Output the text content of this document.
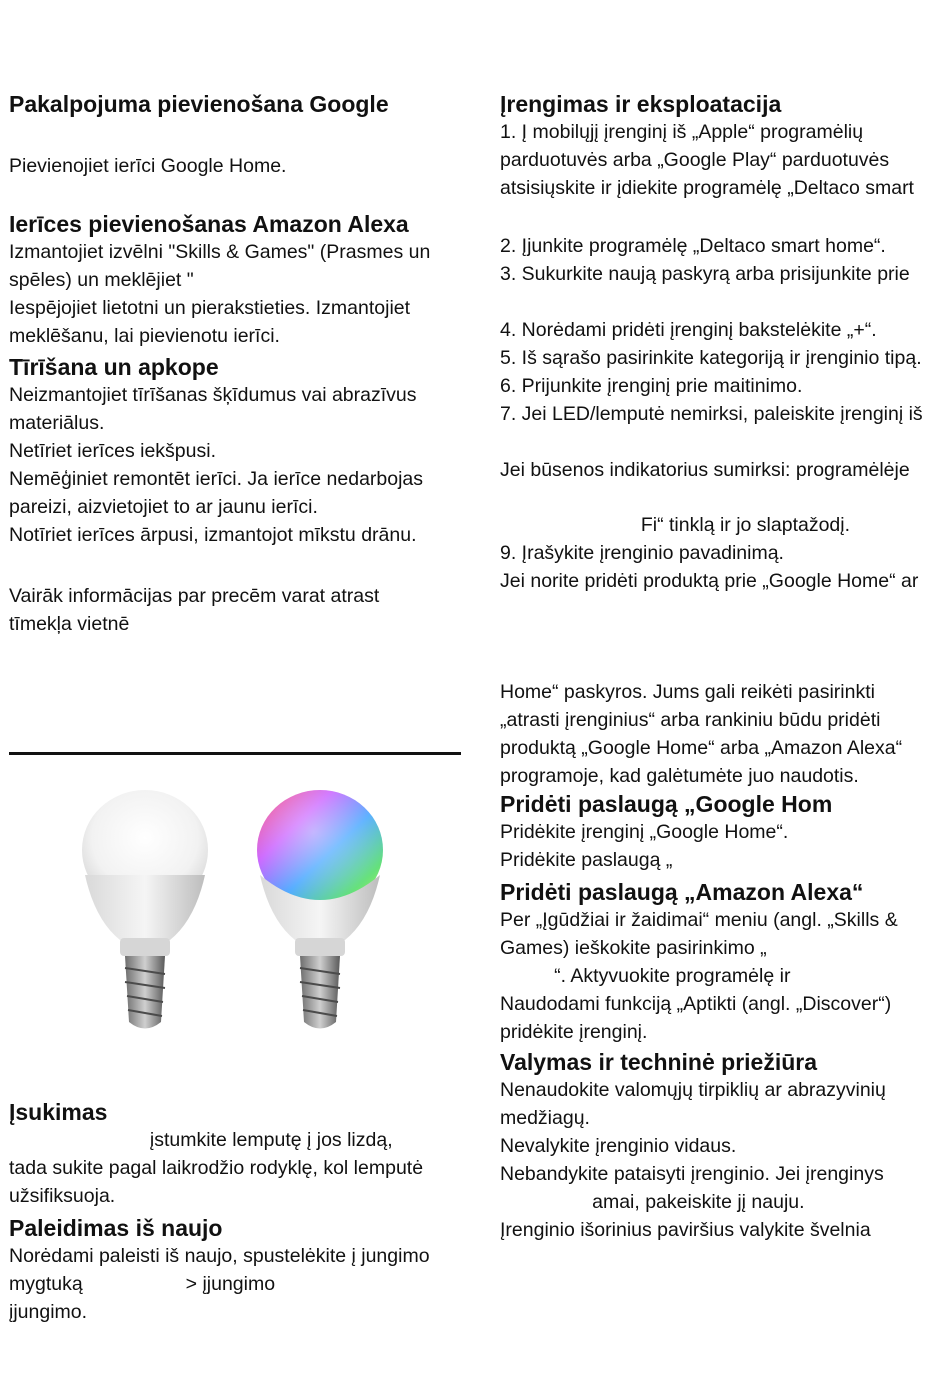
Pakalpojuma pievienošana Google
Pievienojiet ierīci Google Home.
Ierīces pievienošanas Amazon Alexa
Izmantojiet izvēlni "Skills & Games" (Prasmes un
spēles) un meklējiet "
Iespējojiet lietotni un pierakstieties. Izmantojiet
meklēšanu, lai pievienotu ierīci.
Tīrīšana un apkope
Neizmantojiet tīrīšanas šķīdumus vai abrazīvus
materiālus.
Netīriet ierīces iekšpusi.
Nemēģiniet remontēt ierīci. Ja ierīce nedarbojas
pareizi, aizvietojiet to ar jaunu ierīci.
Notīriet ierīces ārpusi, izmantojot mīkstu drānu.
Vairāk informācijas par precēm varat atrast
tīmekļa vietnē
Įsukimas
įstumkite lemputę į jos lizdą,
tada sukite pagal laikrodžio rodyklę, kol lemputė
užsifiksuoja.
Paleidimas iš naujo
Norėdami paleisti iš naujo, spustelėkite į jungimo
mygtuką                   > įjungimo
įjungimo.
Įrengimas ir eksploatacija
1. Į mobilųjį įrenginį iš „Apple“ programėlių
parduotuvės arba „Google Play“ parduotuvės
atsisiųskite ir įdiekite programėlę „Deltaco smart
2. Įjunkite programėlę „Deltaco smart home“.
3. Sukurkite naują paskyrą arba prisijunkite prie
4. Norėdami pridėti įrenginį bakstelėkite „+“.
5. Iš sąrašo pasirinkite kategoriją ir įrenginio tipą.
6. Prijunkite įrenginį prie maitinimo.
7. Jei LED/lemputė nemirksi, paleiskite įrenginį iš
Jei būsenos indikatorius sumirksi: programėlėje
Fi“ tinklą ir jo slaptažodį.
9. Įrašykite įrenginio pavadinimą.
Jei norite pridėti produktą prie „Google Home“ ar
Home“ paskyros. Jums gali reikėti pasirinkti
„atrasti įrenginius“ arba rankiniu būdu pridėti
produktą „Google Home“ arba „Amazon Alexa“
programoje, kad galėtumėte juo naudotis.
Pridėti paslaugą „Google Hom
Pridėkite įrenginį „Google Home“.
Pridėkite paslaugą „
Pridėti paslaugą „Amazon Alexa“
Per „Įgūdžiai ir žaidimai“ meniu (angl. „Skills &
Games) ieškokite pasirinkimo „
“. Aktyvuokite programėlę ir
Naudodami funkciją „Aptikti (angl. „Discover“)
pridėkite įrenginį.
Valymas ir techninė priežiūra
Nenaudokite valomųjų tirpiklių ar abrazyvinių
medžiagų.
Nevalykite įrenginio vidaus.
Nebandykite pataisyti įrenginio. Jei įrenginys
amai, pakeiskite jį nauju.
Įrenginio išorinius paviršius valykite švelnia
